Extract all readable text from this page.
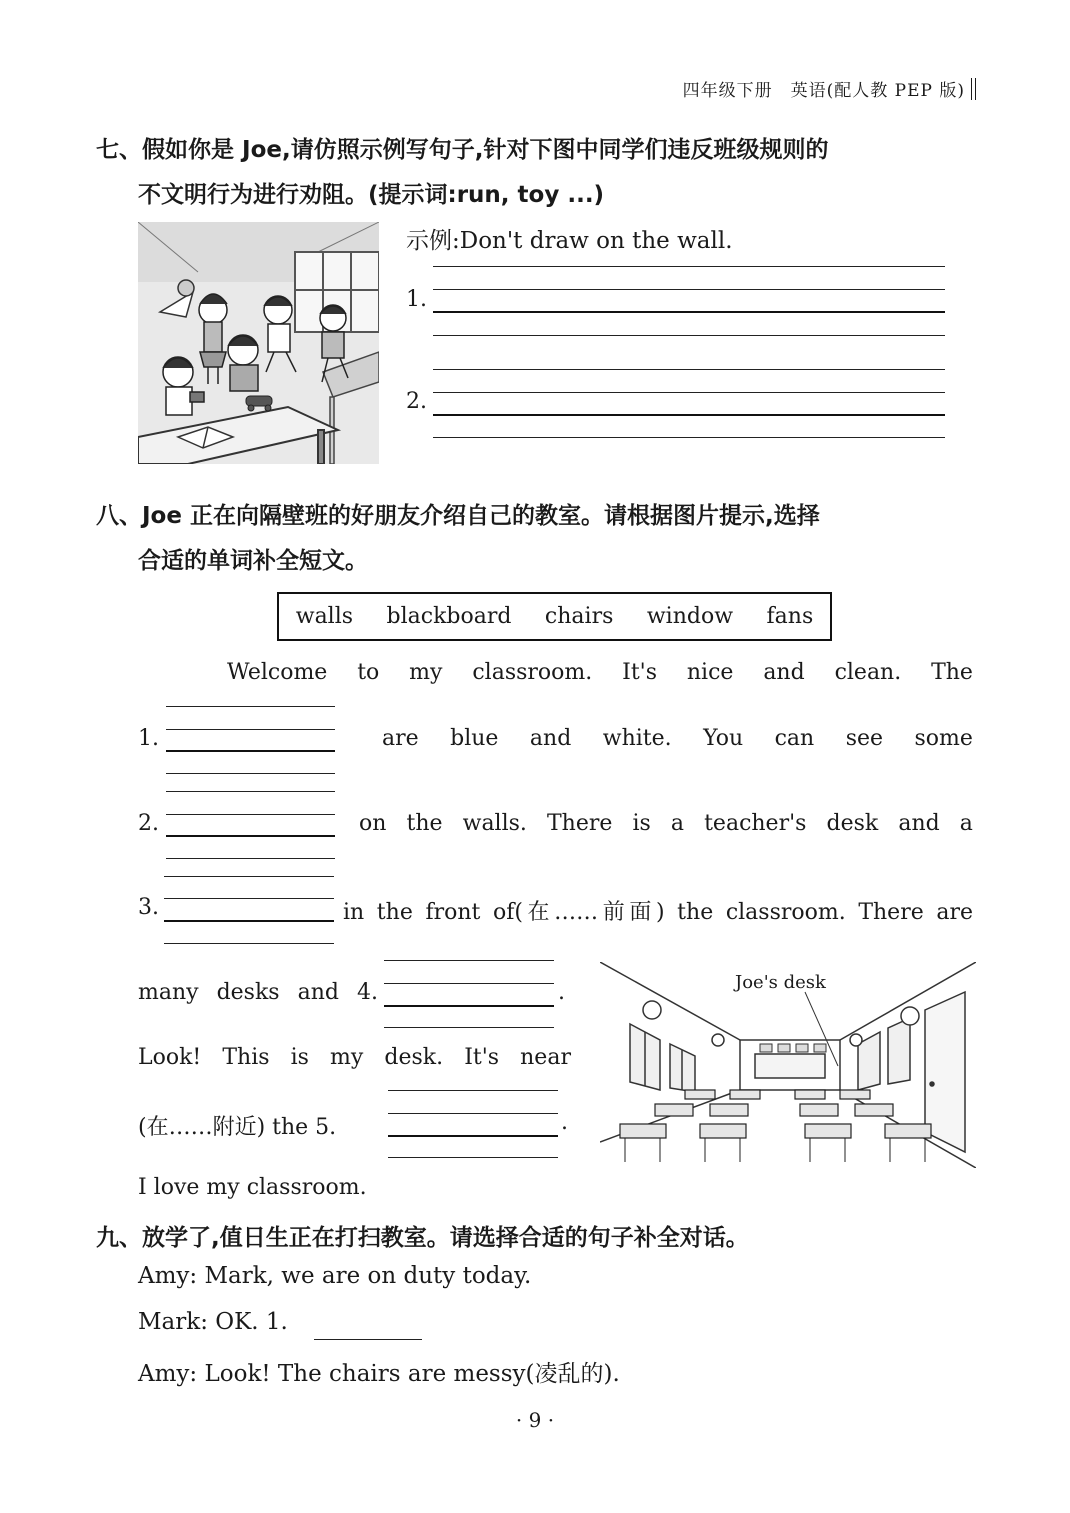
四年级下册　英语(配人教 PEP 版)
七、假如你是 Joe,请仿照示例写句子,针对下图中同学们违反班级规则的
不文明行为进行劝阻。(提示词:run, toy ...)
示例:Don't draw on the wall.
1.
2.
八、Joe 正在向隔壁班的好朋友介绍自己的教室。请根据图片提示,选择
合适的单词补全短文。
walls blackboard chairs window fans
Welcome to my classroom. It's nice and clean. The
1.	are blue and white. You can see some
2.	on the walls. There is a teacher's desk and a
3.	in the front of(在……前面) the classroom. There are
many desks and 4.	.
Look! This is my desk. It's near
(在……附近) the 5.	.
I love my classroom.
Joe's desk
九、放学了,值日生正在打扫教室。请选择合适的句子补全对话。
Amy: Mark, we are on duty today.
Mark: OK. 1.
Amy: Look! The chairs are messy(凌乱的).
· 9 ·
